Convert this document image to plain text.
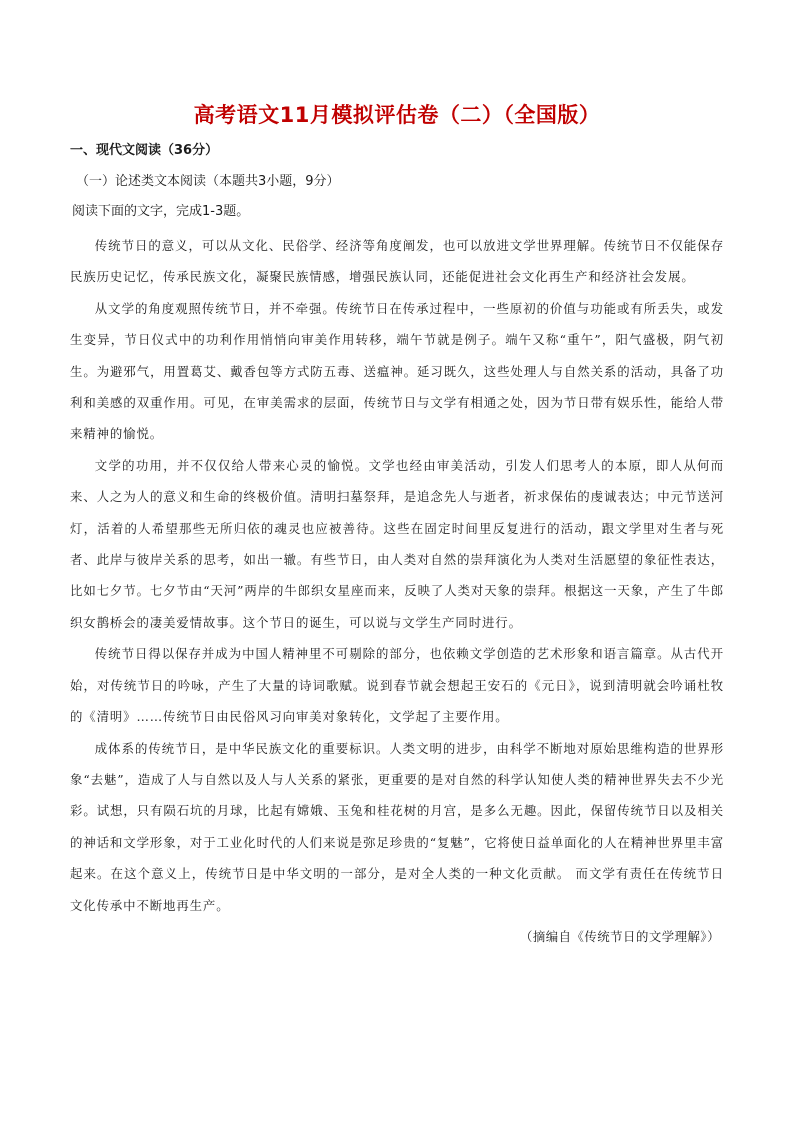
高考语文11月模拟评估卷（二）（全国版）
一、现代文阅读（36分）
（一）论述类文本阅读（本题共3小题，9分）
阅读下面的文字，完成1-3题。

传统节日的意义，可以从文化、民俗学、经济等角度阐发，也可以放进文学世界理解。传统节日不仅能保存民族历史记忆，传承民族文化，凝聚民族情感，增强民族认同，还能促进社会文化再生产和经济社会发展。

从文学的角度观照传统节日，并不牵强。传统节日在传承过程中，一些原初的价值与功能或有所丢失，或发生变异，节日仪式中的功利作用悄悄向审美作用转移，端午节就是例子。端午又称“重午”，阳气盛极，阴气初生。为避邪气，用置葛艾、戴香包等方式防五毒、送瘟神。延习既久，这些处理人与自然关系的活动，具备了功利和美感的双重作用。可见，在审美需求的层面，传统节日与文学有相通之处，因为节日带有娱乐性，能给人带来精神的愉悦。

文学的功用，并不仅仅给人带来心灵的愉悦。文学也经由审美活动，引发人们思考人的本原，即人从何而来、人之为人的意义和生命的终极价值。清明扫墓祭拜，是追念先人与逝者，祈求保佑的虔诚表达；中元节送河灯，活着的人希望那些无所归依的魂灵也应被善待。这些在固定时间里反复进行的活动，跟文学里对生者与死者、此岸与彼岸关系的思考，如出一辙。有些节日，由人类对自然的崇拜演化为人类对生活愿望的象征性表达，比如七夕节。七夕节由“天河”两岸的牛郎织女星座而来，反映了人类对天象的崇拜。根据这一天象，产生了牛郎织女鹊桥会的凄美爱情故事。这个节日的诞生，可以说与文学生产同时进行。

传统节日得以保存并成为中国人精神里不可剔除的部分，也依赖文学创造的艺术形象和语言篇章。从古代开始，对传统节日的吟咏，产生了大量的诗词歌赋。说到春节就会想起王安石的《元日》，说到清明就会吟诵杜牧的《清明》……传统节日由民俗风习向审美对象转化，文学起了主要作用。

成体系的传统节日，是中华民族文化的重要标识。人类文明的进步，由科学不断地对原始思维构造的世界形象“去魅”，造成了人与自然以及人与人关系的紧张，更重要的是对自然的科学认知使人类的精神世界失去不少光彩。试想，只有陨石坑的月球，比起有嫦娥、玉兔和桂花树的月宫，是多么无趣。因此，保留传统节日以及相关的神话和文学形象，对于工业化时代的人们来说是弥足珍贵的“复魅”，它将使日益单面化的人在精神世界里丰富起来。在这个意义上，传统节日是中华文明的一部分，是对全人类的一种文化贡献。 而文学有责任在传统节日文化传承中不断地再生产。

（摘编自《传统节日的文学理解》）
